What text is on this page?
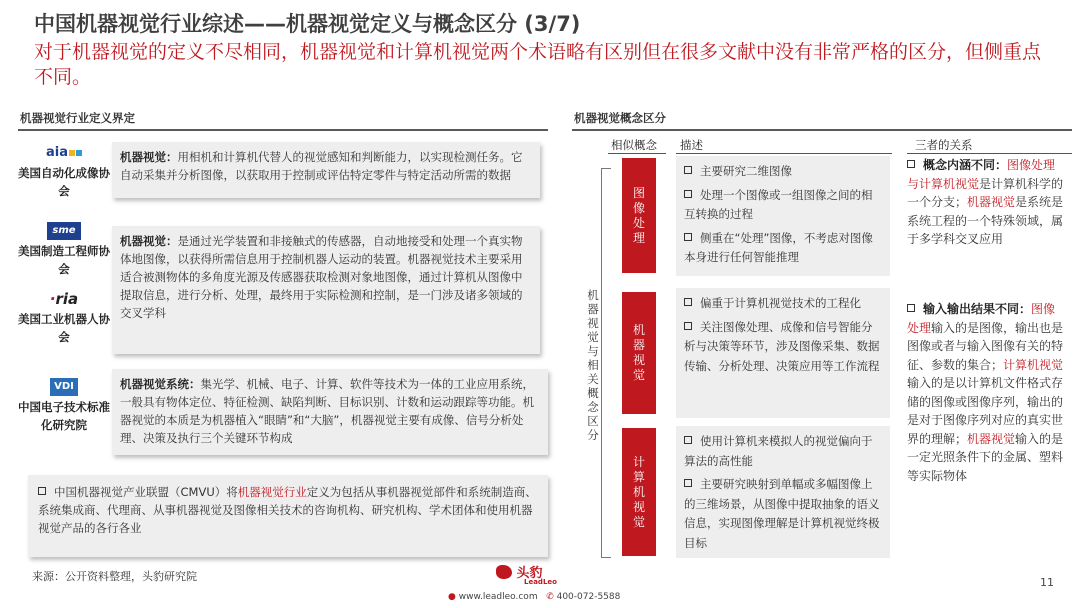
中国机器视觉行业综述——机器视觉定义与概念区分 (3/7)
对于机器视觉的定义不尽相同，机器视觉和计算机视觉两个术语略有区别但在很多文献中没有非常严格的区分，但侧重点不同。
机器视觉行业定义界定
aia
美国自动化成像协会
机器视觉：用相机和计算机代替人的视觉感知和判断能力，以实现检测任务。它自动采集并分析图像，以获取用于控制或评估特定零件与特定活动所需的数据
sme
美国制造工程师协会
·ria
美国工业机器人协会
机器视觉：是通过光学装置和非接触式的传感器，自动地接受和处理一个真实物体地图像，以获得所需信息用于控制机器人运动的装置。机器视觉技术主要采用适合被测物体的多角度光源及传感器获取检测对象地图像，通过计算机从图像中提取信息，进行分析、处理，最终用于实际检测和控制，是一门涉及诸多领域的交叉学科
VDI
中国电子技术标准化研究院
机器视觉系统：集光学、机械、电子、计算、软件等技术为一体的工业应用系统，一般具有物体定位、特征检测、缺陷判断、目标识别、计数和运动跟踪等功能。机器视觉的本质是为机器植入“眼睛”和“大脑”，机器视觉主要有成像、信号分析处理、决策及执行三个关键环节构成
中国机器视觉产业联盟（CMVU）将机器视觉行业定义为包括从事机器视觉部件和系统制造商、系统集成商、代理商、从事机器视觉及图像相关技术的咨询机构、研究机构、学术团体和使用机器视觉产品的各行各业
机器视觉概念区分
相似概念 描述	三者的关系
机器视觉与相关概念区分
图像处理
主要研究二维图像
处理一个图像或一组图像之间的相互转换的过程
侧重在“处理”图像，不考虑对图像本身进行任何智能推理
机器视觉
偏重于计算机视觉技术的工程化
关注图像处理、成像和信号智能分析与决策等环节，涉及图像采集、数据传输、分析处理、决策应用等工作流程
计算机视觉
使用计算机来模拟人的视觉偏向于算法的高性能
主要研究映射到单幅或多幅图像上的三维场景，从图像中提取抽象的语义信息，实现图像理解是计算机视觉终极目标
概念内涵不同：图像处理与计算机视觉是计算机科学的一个分支；机器视觉是系统是系统工程的一个特殊领域，属于多学科交叉应用
输入输出结果不同：图像处理输入的是图像，输出也是图像或者与输入图像有关的特征、参数的集合；计算机视觉输入的是以计算机文件格式存储的图像或图像序列，输出的是对于图像序列对应的真实世界的理解；机器视觉输入的是一定光照条件下的金属、塑料等实际物体
来源：公开资料整理，头豹研究院	头豹
LeadLeo
● www.leadleo.com ✆ 400-072-5588
11
